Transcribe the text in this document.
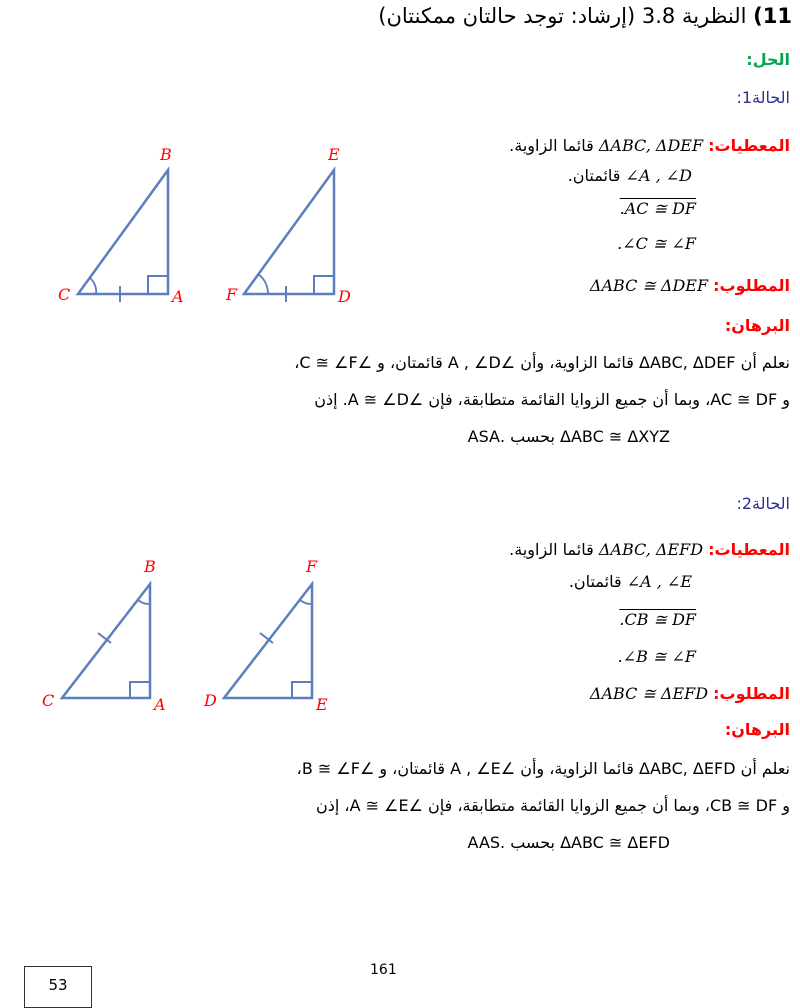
11) النظرية 3.8 (إرشاد: توجد حالتان ممكنتان)
الحل:
الحالة1:
المعطيات: ΔABC, ΔDEF قائما الزاوية.
∠A , ∠D قائمتان.
.AC ≅ DF
.∠C ≅ ∠F
المطلوب: ΔABC ≅ ΔDEF
البرهان:
نعلم أن ΔABC, ΔDEF قائما الزاوية، وأن ∠A , ∠D قائمتان، و ∠C ≅ ∠F،
و AC ≅ DF، وبما أن جميع الزوايا القائمة متطابقة، فإن ∠A ≅ ∠D. إذن
ΔABC ≅ ΔXYZ بحسب .ASA
B
C	A
E
F	D
الحالة2:
المعطيات: ΔABC, ΔEFD قائما الزاوية.
∠A , ∠E قائمتان.
.CB ≅ DF
.∠B ≅ ∠F
المطلوب: ΔABC ≅ ΔEFD
البرهان:
نعلم أن ΔABC, ΔEFD قائما الزاوية، وأن ∠A , ∠E قائمتان، و ∠B ≅ ∠F،
و CB ≅ DF، وبما أن جميع الزوايا القائمة متطابقة، فإن ∠A ≅ ∠E، إذن
ΔABC ≅ ΔEFD بحسب .AAS
B
C	A
F
D	E
161
53
